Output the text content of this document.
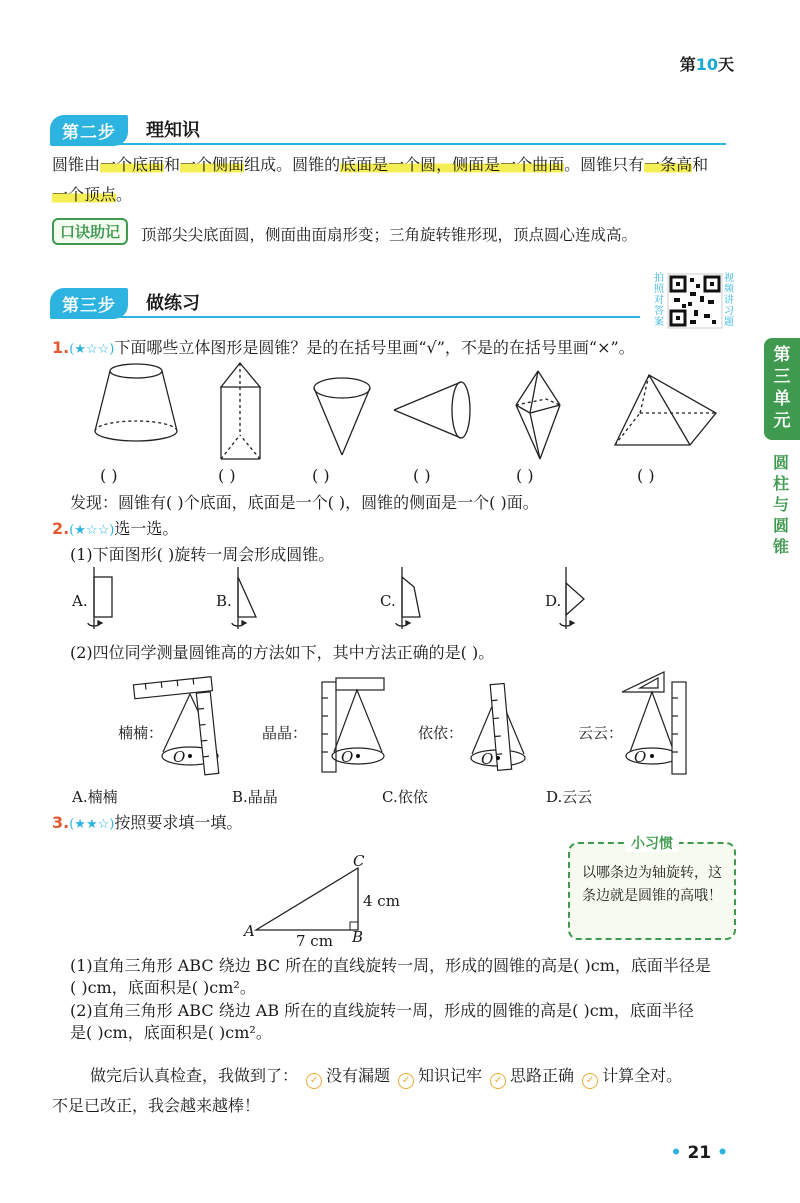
第10天
第二步	理知识
圆锥由一个底面和一个侧面组成。圆锥的底面是一个圆，侧面是一个曲面。圆锥只有一条高和
一个顶点。
口诀助记	顶部尖尖底面圆，侧面曲面扇形变；三角旋转锥形现，顶点圆心连成高。
第三步	做练习
拍照对答案
视频讲习题
第三单元
圆柱与圆锥
1.(★☆☆)下面哪些立体图形是圆锥？是的在括号里画“√”，不是的在括号里画“×”。
( )	( )	( )	( )	( )	( )
发现：圆锥有( )个底面，底面是一个( )，圆锥的侧面是一个( )面。
2.(★☆☆)选一选。
(1)下面图形( )旋转一周会形成圆锥。
A.	B.	C.	D.
(2)四位同学测量圆锥高的方法如下，其中方法正确的是( )。
楠楠：	晶晶：	依依：	云云：
O	O	O	O
A.楠楠	B.晶晶	C.依依	D.云云
3.(★★☆)按照要求填一填。
A	B
C
4 cm
7 cm
小习惯
以哪条边为轴旋转，这条边就是圆锥的高哦！
(1)直角三角形 ABC 绕边 BC 所在的直线旋转一周，形成的圆锥的高是( )cm，底面半径是
( )cm，底面积是( )cm²。
(2)直角三角形 ABC 绕边 AB 所在的直线旋转一周，形成的圆锥的高是( )cm，底面半径
是( )cm，底面积是( )cm²。
做完后认真检查，我做到了： ✓ 没有漏题 ✓ 知识记牢 ✓ 思路正确 ✓ 计算全对。
不足已改正，我会越来越棒！
• 21 •
